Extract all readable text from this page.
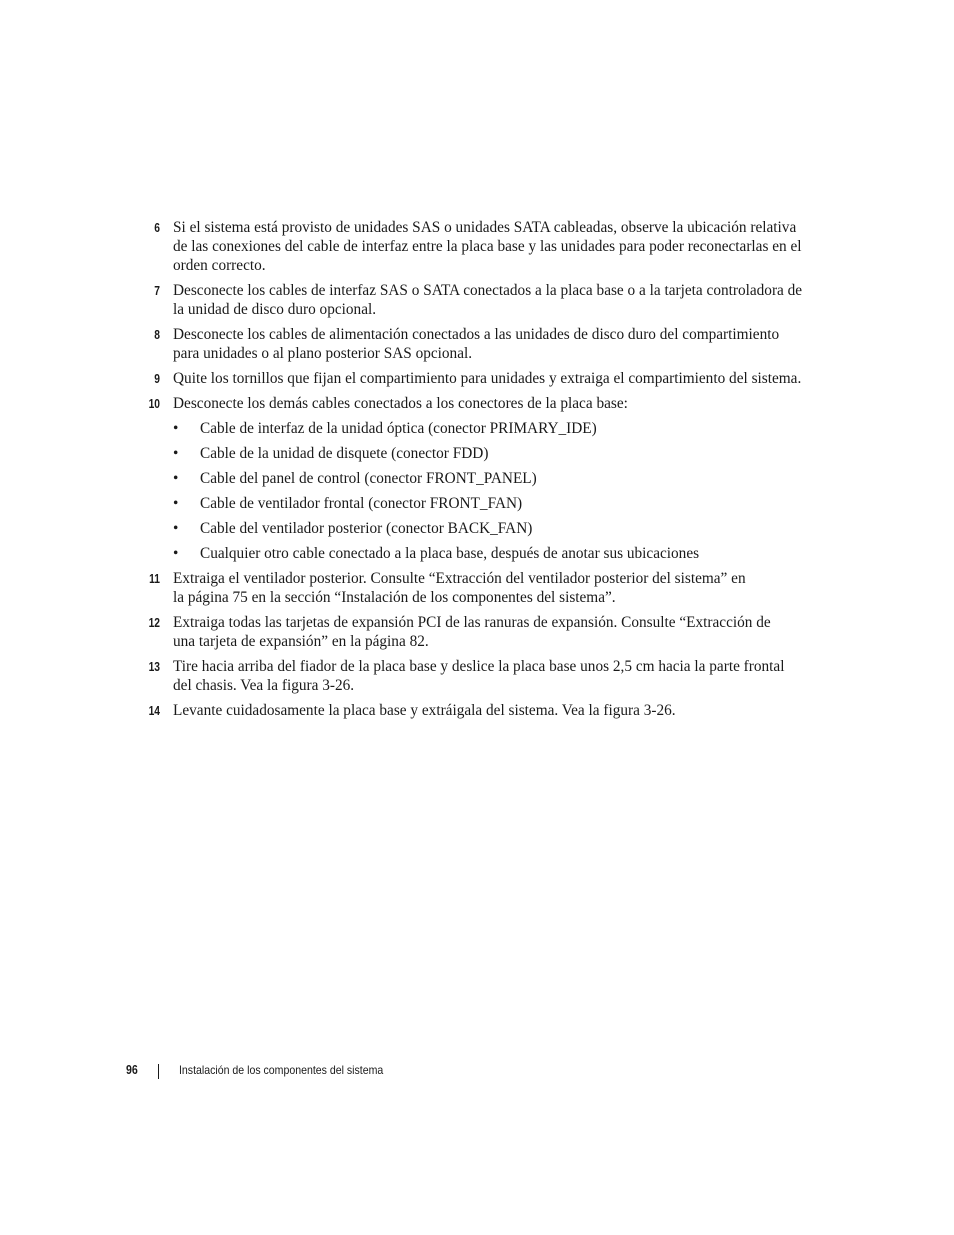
6 Si el sistema está provisto de unidades SAS o unidades SATA cableadas, observe la ubicación relativa de las conexiones del cable de interfaz entre la placa base y las unidades para poder reconectarlas en el orden correcto.
7 Desconecte los cables de interfaz SAS o SATA conectados a la placa base o a la tarjeta controladora de la unidad de disco duro opcional.
8 Desconecte los cables de alimentación conectados a las unidades de disco duro del compartimiento para unidades o al plano posterior SAS opcional.
9 Quite los tornillos que fijan el compartimiento para unidades y extraiga el compartimiento del sistema.
10 Desconecte los demás cables conectados a los conectores de la placa base:
• Cable de interfaz de la unidad óptica (conector PRIMARY_IDE)
• Cable de la unidad de disquete (conector FDD)
• Cable del panel de control (conector FRONT_PANEL)
• Cable de ventilador frontal (conector FRONT_FAN)
• Cable del ventilador posterior (conector BACK_FAN)
• Cualquier otro cable conectado a la placa base, después de anotar sus ubicaciones
11 Extraiga el ventilador posterior. Consulte “Extracción del ventilador posterior del sistema” en la página 75 en la sección “Instalación de los componentes del sistema”.
12 Extraiga todas las tarjetas de expansión PCI de las ranuras de expansión. Consulte “Extracción de una tarjeta de expansión” en la página 82.
13 Tire hacia arriba del fiador de la placa base y deslice la placa base unos 2,5 cm hacia la parte frontal del chasis. Vea la figura 3-26.
14 Levante cuidadosamente la placa base y extráigala del sistema. Vea la figura 3-26.
96	Instalación de los componentes del sistema
